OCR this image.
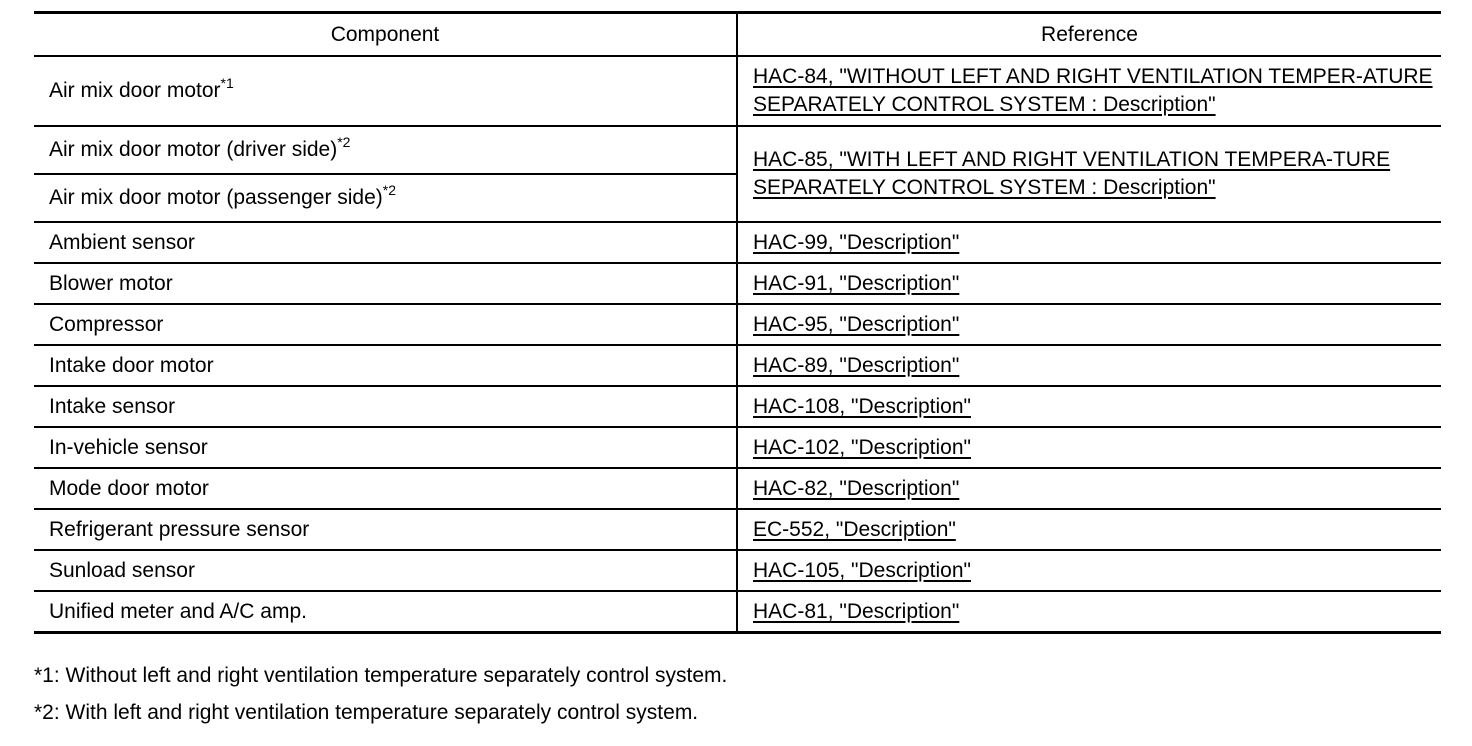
Component	Reference
Air mix door motor$^{*1}$	HAC-84, "WITHOUT LEFT AND RIGHT VENTILATION TEMPER-ATURE SEPARATELY CONTROL SYSTEM : Description"
Air mix door motor (driver side)$^{*2}$	HAC-85, "WITH LEFT AND RIGHT VENTILATION TEMPERA-TURE SEPARATELY CONTROL SYSTEM : Description"
Air mix door motor (passenger side)$^{*2}$
Ambient sensor	HAC-99, "Description"
Blower motor	HAC-91, "Description"
Compressor	HAC-95, "Description"
Intake door motor	HAC-89, "Description"
Intake sensor	HAC-108, "Description"
In-vehicle sensor	HAC-102, "Description"
Mode door motor	HAC-82, "Description"
Refrigerant pressure sensor	EC-552, "Description"
Sunload sensor	HAC-105, "Description"
Unified meter and A/C amp.	HAC-81, "Description"
*1: Without left and right ventilation temperature separately control system.
*2: With left and right ventilation temperature separately control system.
